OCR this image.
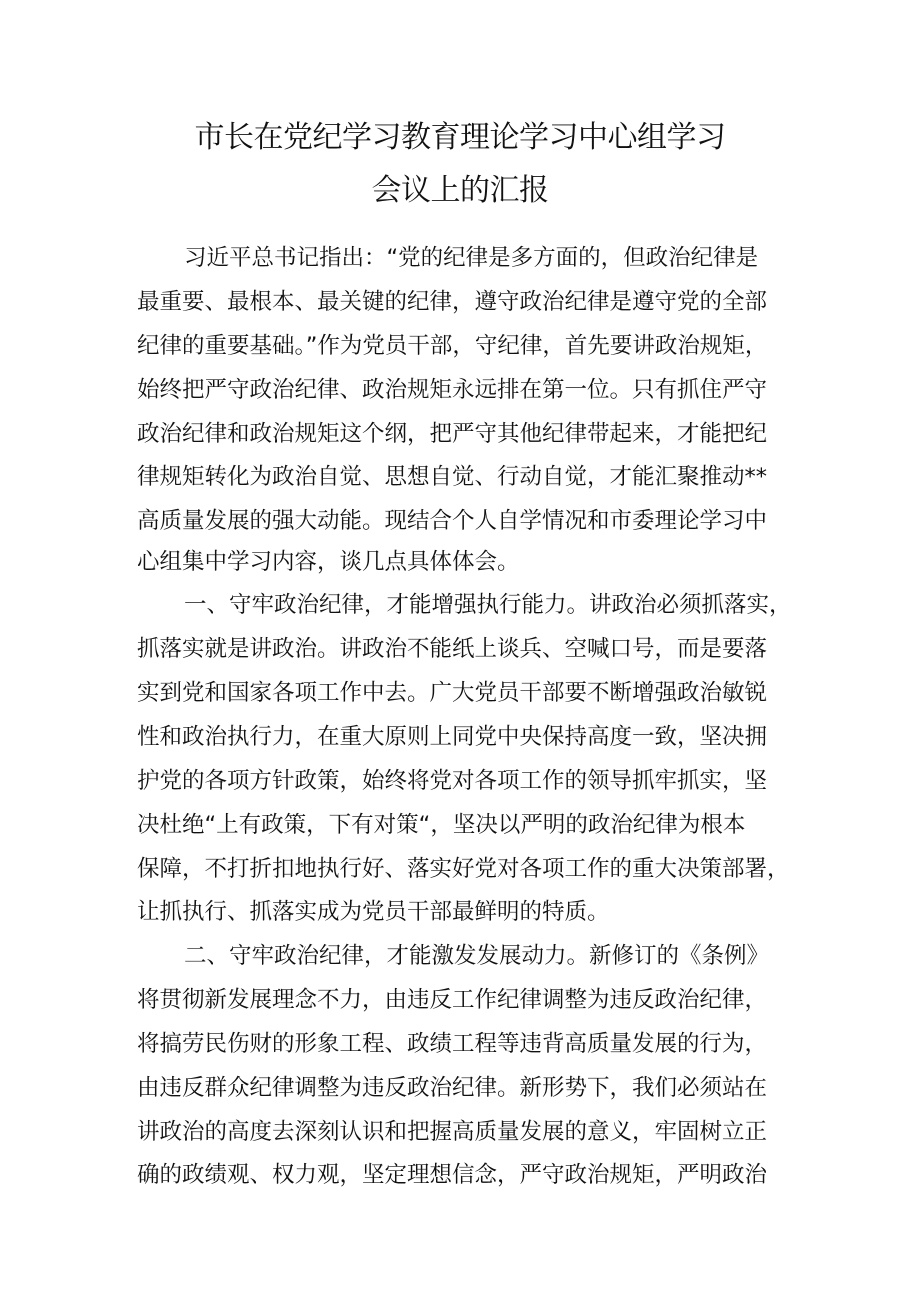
市长在党纪学习教育理论学习中心组学习
会议上的汇报
习近平总书记指出：“党的纪律是多方面的，但政治纪律是
最重要、最根本、最关键的纪律，遵守政治纪律是遵守党的全部
纪律的重要基础。”作为党员干部，守纪律，首先要讲政治规矩，
始终把严守政治纪律、政治规矩永远排在第一位。只有抓住严守
政治纪律和政治规矩这个纲，把严守其他纪律带起来，才能把纪
律规矩转化为政治自觉、思想自觉、行动自觉，才能汇聚推动**
高质量发展的强大动能。现结合个人自学情况和市委理论学习中
心组集中学习内容，谈几点具体体会。
一、守牢政治纪律，才能增强执行能力。讲政治必须抓落实，
抓落实就是讲政治。讲政治不能纸上谈兵、空喊口号，而是要落
实到党和国家各项工作中去。广大党员干部要不断增强政治敏锐
性和政治执行力，在重大原则上同党中央保持高度一致，坚决拥
护党的各项方针政策，始终将党对各项工作的领导抓牢抓实，坚
决杜绝“上有政策，下有对策“，坚决以严明的政治纪律为根本
保障，不打折扣地执行好、落实好党对各项工作的重大决策部署，
让抓执行、抓落实成为党员干部最鲜明的特质。
二、守牢政治纪律，才能激发发展动力。新修订的《条例》
将贯彻新发展理念不力，由违反工作纪律调整为违反政治纪律，
将搞劳民伤财的形象工程、政绩工程等违背高质量发展的行为，
由违反群众纪律调整为违反政治纪律。新形势下，我们必须站在
讲政治的高度去深刻认识和把握高质量发展的意义，牢固树立正
确的政绩观、权力观，坚定理想信念，严守政治规矩，严明政治
